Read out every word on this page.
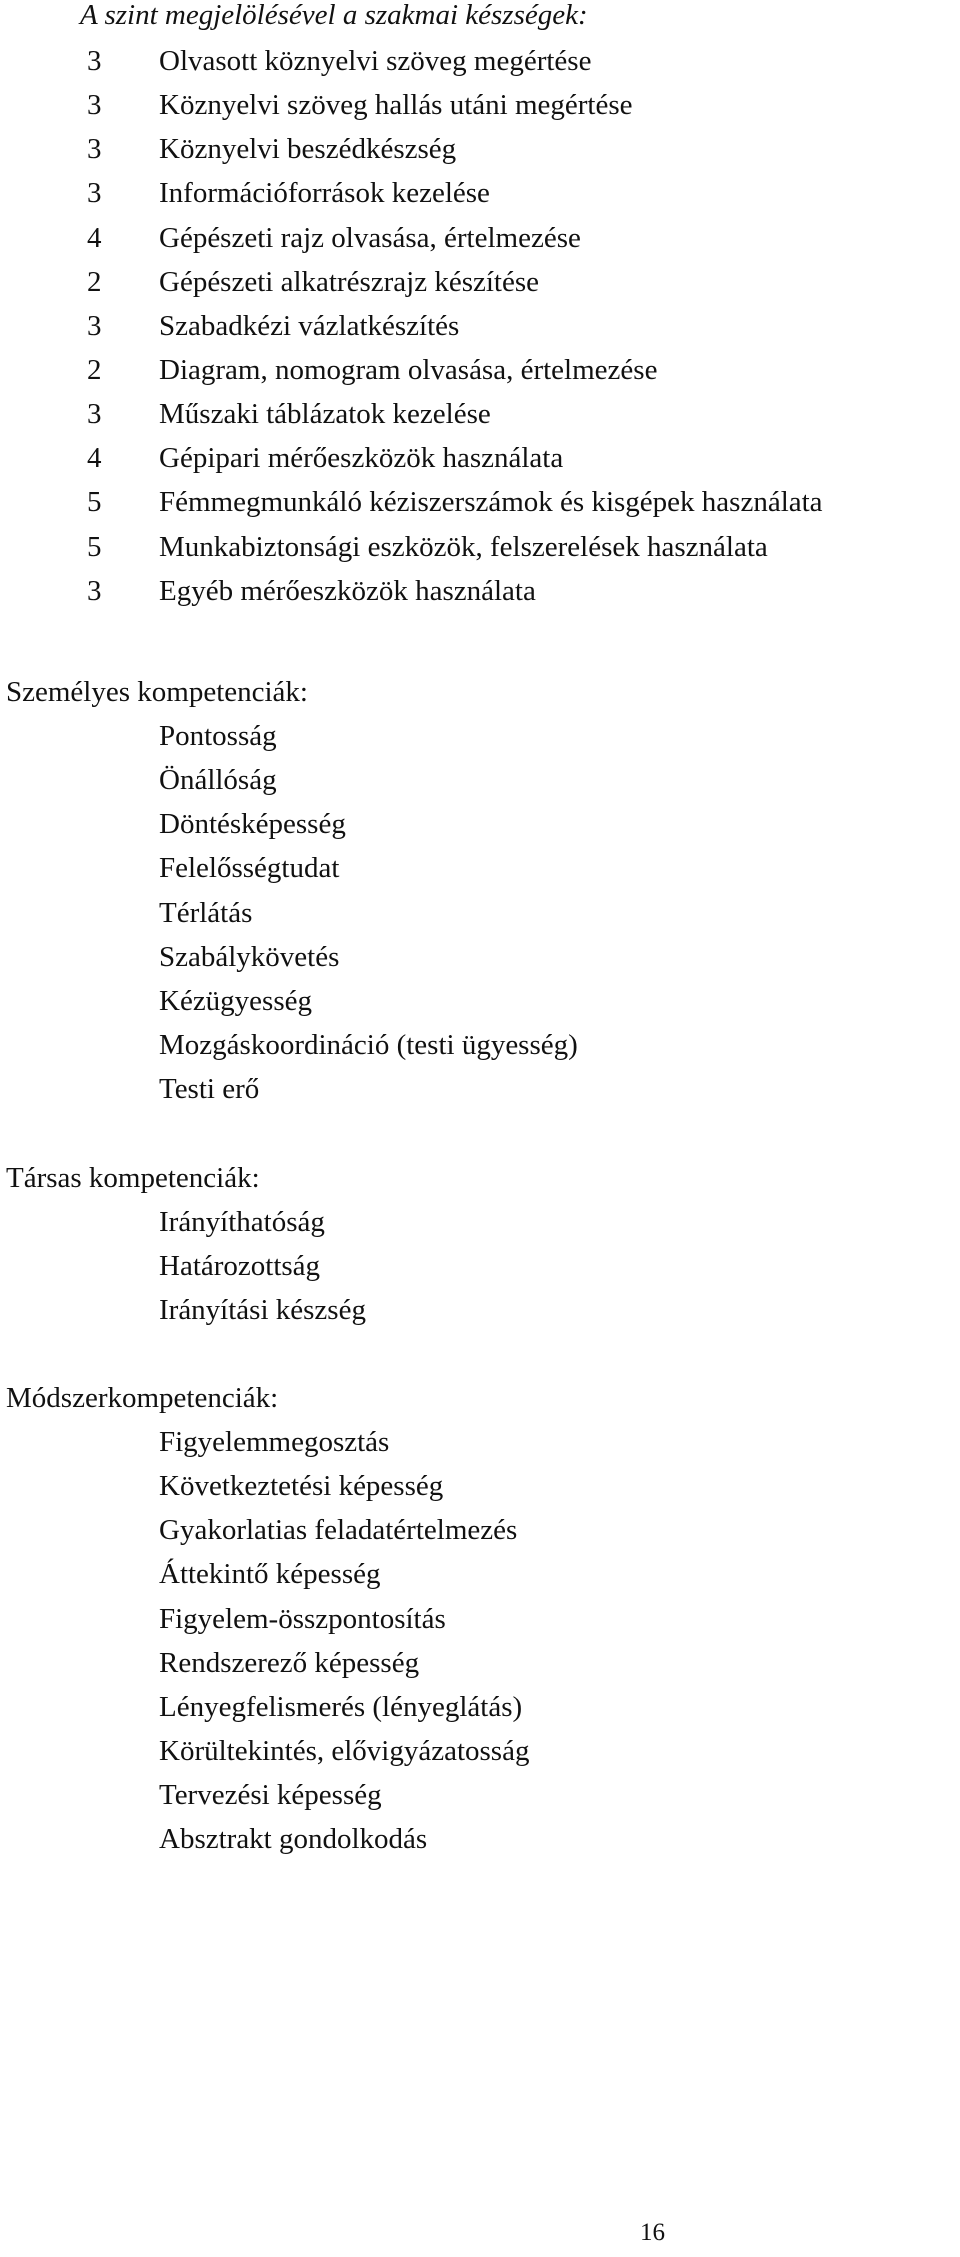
A szint megjelölésével a szakmai készségek:
3 Olvasott köznyelvi szöveg megértése
3 Köznyelvi szöveg hallás utáni megértése
3 Köznyelvi beszédkészség
3 Információforrások kezelése
4 Gépészeti rajz olvasása, értelmezése
2 Gépészeti alkatrészrajz készítése
3 Szabadkézi vázlatkészítés
2 Diagram, nomogram olvasása, értelmezése
3 Műszaki táblázatok kezelése
4 Gépipari mérőeszközök használata
5 Fémmegmunkáló kéziszerszámok és kisgépek használata
5 Munkabiztonsági eszközök, felszerelések használata
3 Egyéb mérőeszközök használata
Személyes kompetenciák:
Pontosság
Önállóság
Döntésképesség
Felelősségtudat
Térlátás
Szabálykövetés
Kézügyesség
Mozgáskoordináció (testi ügyesség)
Testi erő
Társas kompetenciák:
Irányíthatóság
Határozottság
Irányítási készség
Módszerkompetenciák:
Figyelemmegosztás
Következtetési képesség
Gyakorlatias feladatértelmezés
Áttekintő képesség
Figyelem-összpontosítás
Rendszerező képesség
Lényegfelismerés (lényeglátás)
Körültekintés, elővigyázatosság
Tervezési képesség
Absztrakt gondolkodás
16
